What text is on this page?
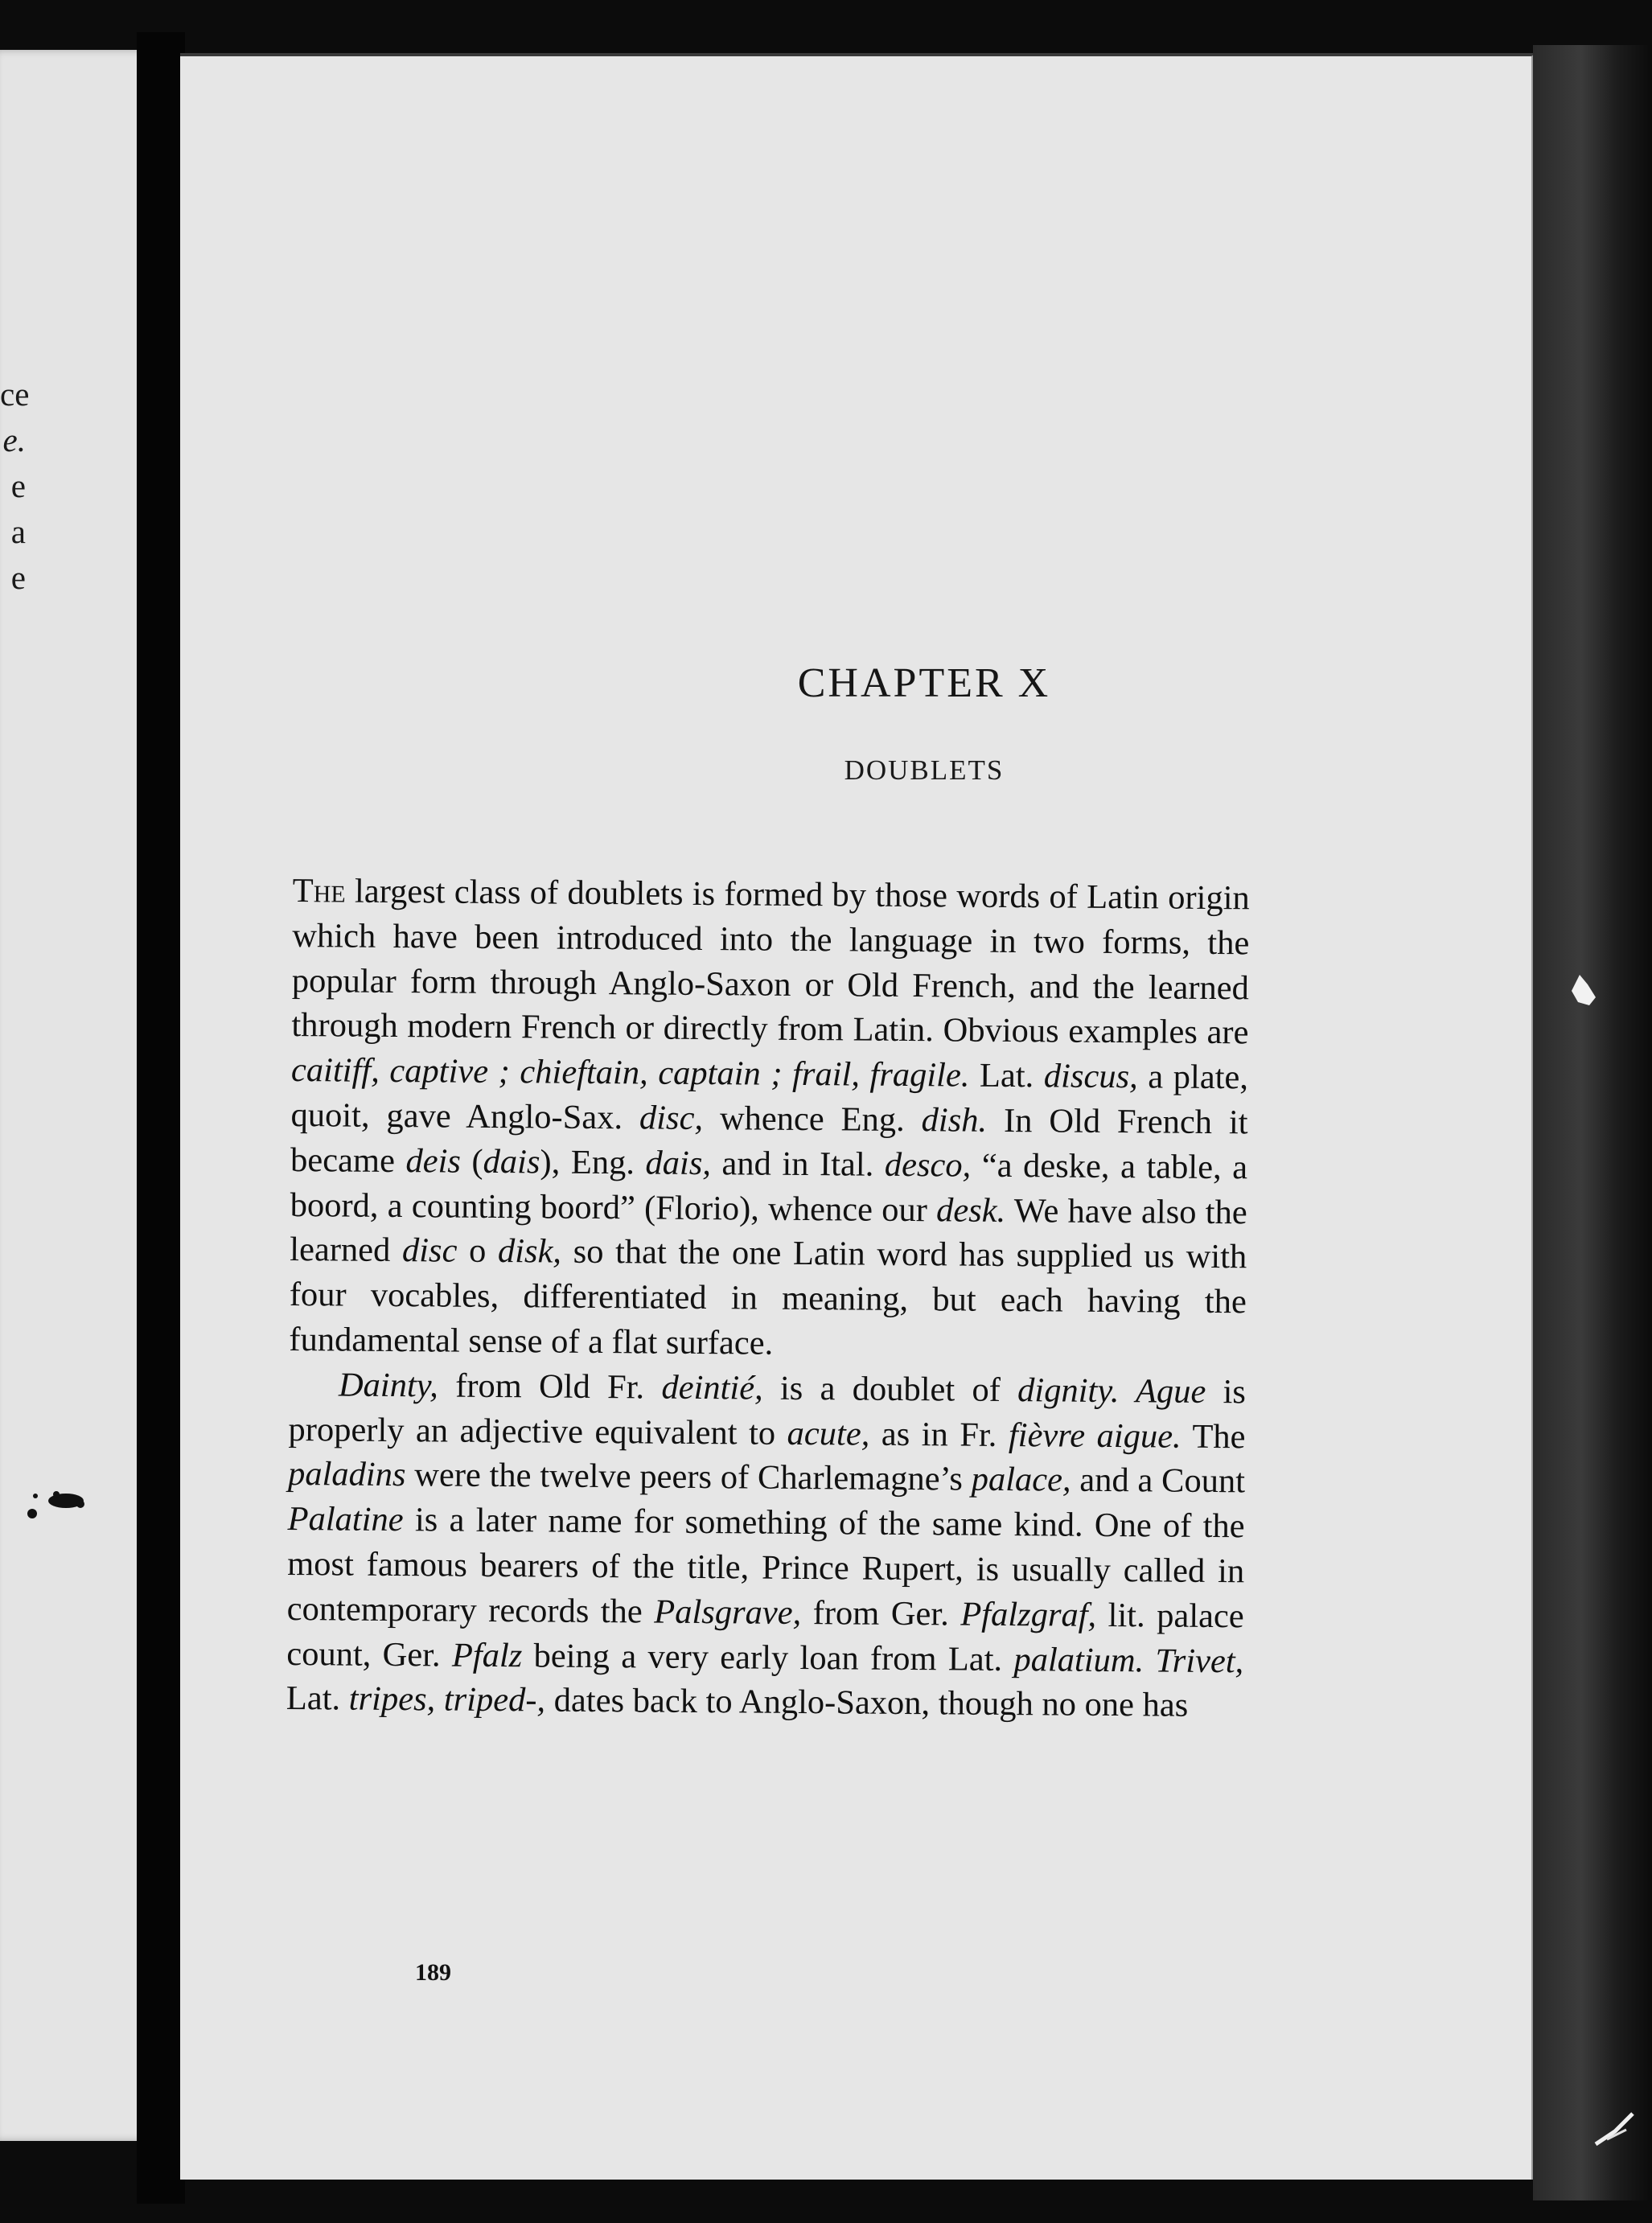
ce
e.
e
a
e
CHAPTER X
DOUBLETS

The largest class of doublets is formed by those words of Latin origin which have been introduced into the language in two forms, the popular form through Anglo-Saxon or Old French, and the learned through modern French or directly from Latin. Obvious examples are caitiff, captive ; chieftain, captain ; frail, fragile. Lat. discus, a plate, quoit, gave Anglo-Sax. disc, whence Eng. dish. In Old French it became deis (dais), Eng. dais, and in Ital. desco, “a deske, a table, a boord, a counting boord” (Florio), whence our desk. We have also the learned disc o disk, so that the one Latin word has supplied us with four vocables, differentiated in meaning, but each having the fundamental sense of a flat surface.

Dainty, from Old Fr. deintié, is a doublet of dignity. Ague is properly an adjective equivalent to acute, as in Fr. fièvre aigue. The paladins were the twelve peers of Charlemagne’s palace, and a Count Palatine is a later name for something of the same kind. One of the most famous bearers of the title, Prince Rupert, is usually called in contemporary records the Palsgrave, from Ger. Pfalzgraf, lit. palace count, Ger. Pfalz being a very early loan from Lat. palatium. Trivet, Lat. tripes, triped-, dates back to Anglo-Saxon, though no one has

189
